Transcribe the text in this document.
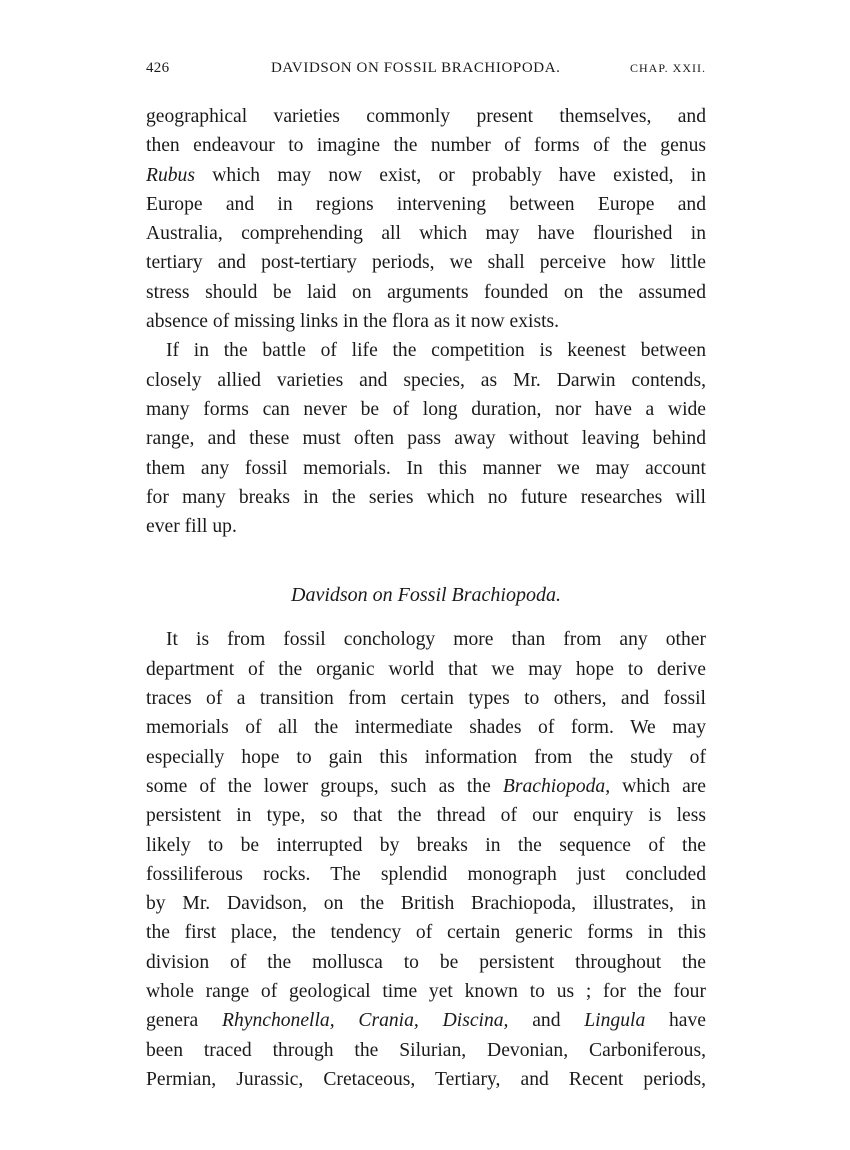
426	DAVIDSON ON FOSSIL BRACHIOPODA.	CHAP. XXII.

geographical varieties commonly present themselves, and
then endeavour to imagine the number of forms of the genus
Rubus which may now exist, or probably have existed, in
Europe and in regions intervening between Europe and
Australia, comprehending all which may have flourished in
tertiary and post-tertiary periods, we shall perceive how little
stress should be laid on arguments founded on the assumed
absence of missing links in the flora as it now exists.

If in the battle of life the competition is keenest between
closely allied varieties and species, as Mr. Darwin contends,
many forms can never be of long duration, nor have a wide
range, and these must often pass away without leaving behind
them any fossil memorials. In this manner we may account
for many breaks in the series which no future researches will
ever fill up.

Davidson on Fossil Brachiopoda.

It is from fossil conchology more than from any other
department of the organic world that we may hope to derive
traces of a transition from certain types to others, and fossil
memorials of all the intermediate shades of form. We may
especially hope to gain this information from the study of
some of the lower groups, such as the Brachiopoda, which are
persistent in type, so that the thread of our enquiry is less
likely to be interrupted by breaks in the sequence of the
fossiliferous rocks. The splendid monograph just concluded
by Mr. Davidson, on the British Brachiopoda, illustrates, in
the first place, the tendency of certain generic forms in this
division of the mollusca to be persistent throughout the
whole range of geological time yet known to us ; for the four
genera Rhynchonella, Crania, Discina, and Lingula have
been traced through the Silurian, Devonian, Carboniferous,
Permian, Jurassic, Cretaceous, Tertiary, and Recent periods,
